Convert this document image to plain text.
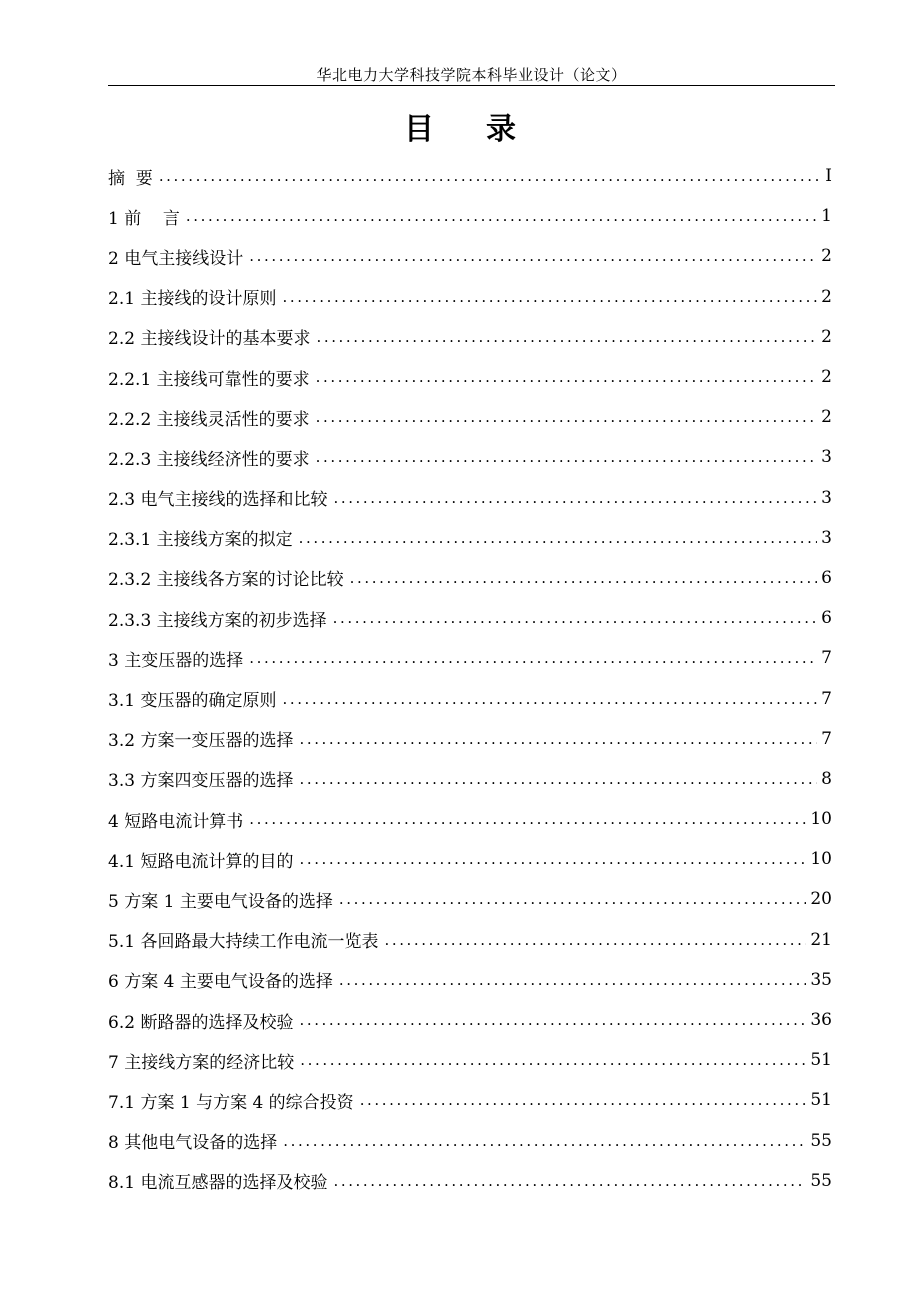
华北电力大学科技学院本科毕业设计（论文）
目录
摘  要 .....	I
1 前    言 .....	1
2 电气主接线设计 .....	2
2.1 主接线的设计原则 .....	2
2.2 主接线设计的基本要求 .....	2
2.2.1 主接线可靠性的要求 .....	2
2.2.2 主接线灵活性的要求 .....	2
2.2.3 主接线经济性的要求 .....	3
2.3 电气主接线的选择和比较 .....	3
2.3.1 主接线方案的拟定 .....	3
2.3.2 主接线各方案的讨论比较 .....	6
2.3.3 主接线方案的初步选择 .....	6
3 主变压器的选择 .....	7
3.1 变压器的确定原则 .....	7
3.2 方案一变压器的选择 .....	7
3.3 方案四变压器的选择 .....	8
4 短路电流计算书 .....	10
4.1 短路电流计算的目的 .....	10
5 方案 1 主要电气设备的选择 .....	20
5.1 各回路最大持续工作电流一览表 .....	21
6 方案 4 主要电气设备的选择 .....	35
6.2 断路器的选择及校验 .....	36
7 主接线方案的经济比较 .....	51
7.1 方案 1 与方案 4 的综合投资 .....	51
8 其他电气设备的选择 .....	55
8.1 电流互感器的选择及校验 .....	55
